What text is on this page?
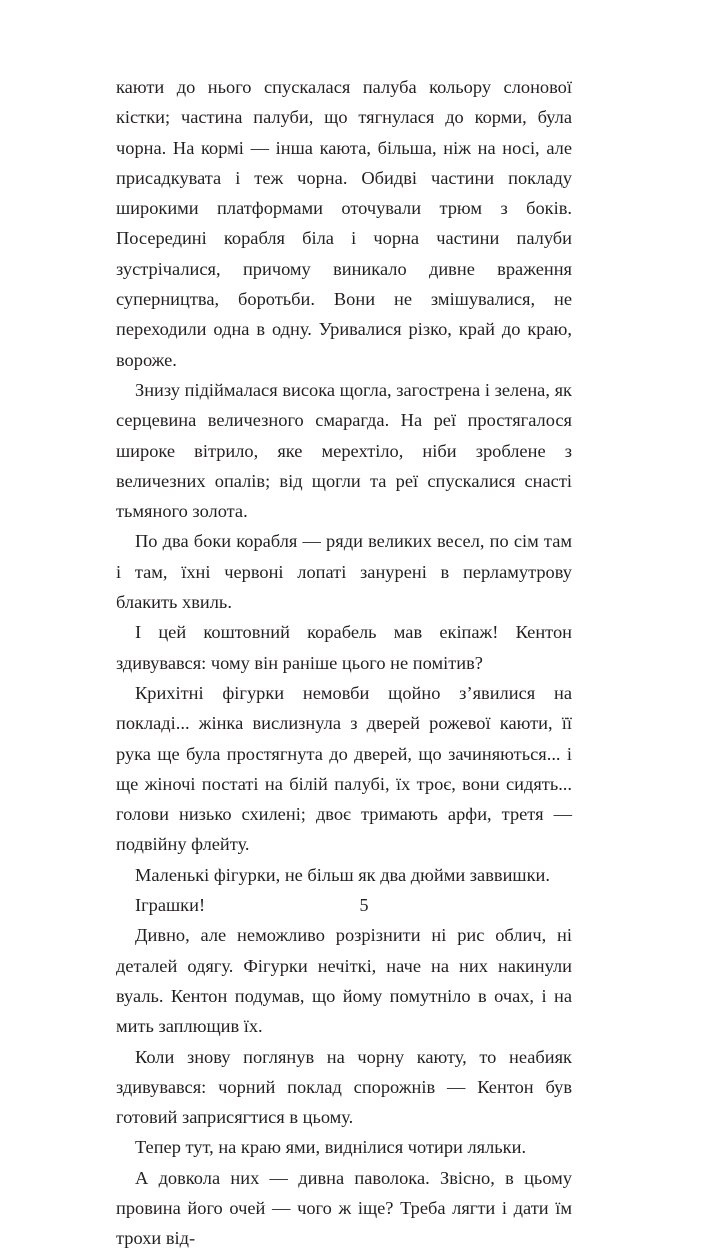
каюти до нього спускалася палуба кольору слонової кістки; частина палуби, що тягнулася до корми, була чорна. На кормі — інша каюта, більша, ніж на носі, але присадкувата і теж чорна. Обидві частини покладу широкими платформами оточували трюм з боків. Посередині корабля біла і чорна частини палуби зустрічалися, причому виникало дивне враження суперництва, боротьби. Вони не змішувалися, не переходили одна в одну. Уривалися різко, край до краю, вороже.

Знизу підіймалася висока щогла, загострена і зелена, як серцевина величезного смарагда. На реї простягалося широке вітрило, яке мерехтіло, ніби зроблене з величезних опалів; від щогли та реї спускалися снасті тьмяного золота.

По два боки корабля — ряди великих весел, по сім там і там, їхні червоні лопаті занурені в перламутрову блакить хвиль.

І цей коштовний корабель мав екіпаж! Кентон здивувався: чому він раніше цього не помітив?

Крихітні фігурки немовби щойно з’явилися на покладі... жінка вислизнула з дверей рожевої каюти, її рука ще була простягнута до дверей, що зачиняються... і ще жіночі постаті на білій палубі, їх троє, вони сидять... голови низько схилені; двоє тримають арфи, третя — подвійну флейту.

Маленькі фігурки, не більш як два дюйми заввишки.

Іграшки!

Дивно, але неможливо розрізнити ні рис облич, ні деталей одягу. Фігурки нечіткі, наче на них накинули вуаль. Кентон подумав, що йому помутніло в очах, і на мить заплющив їх.

Коли знову поглянув на чорну каюту, то неабияк здивувався: чорний поклад спорожнів — Кентон був готовий заприсягтися в цьому.

Тепер тут, на краю ями, виднілися чотири ляльки.

А довкола них — дивна паволока. Звісно, в цьому провина його очей — чого ж іще? Треба лягти і дати їм трохи від-

5
